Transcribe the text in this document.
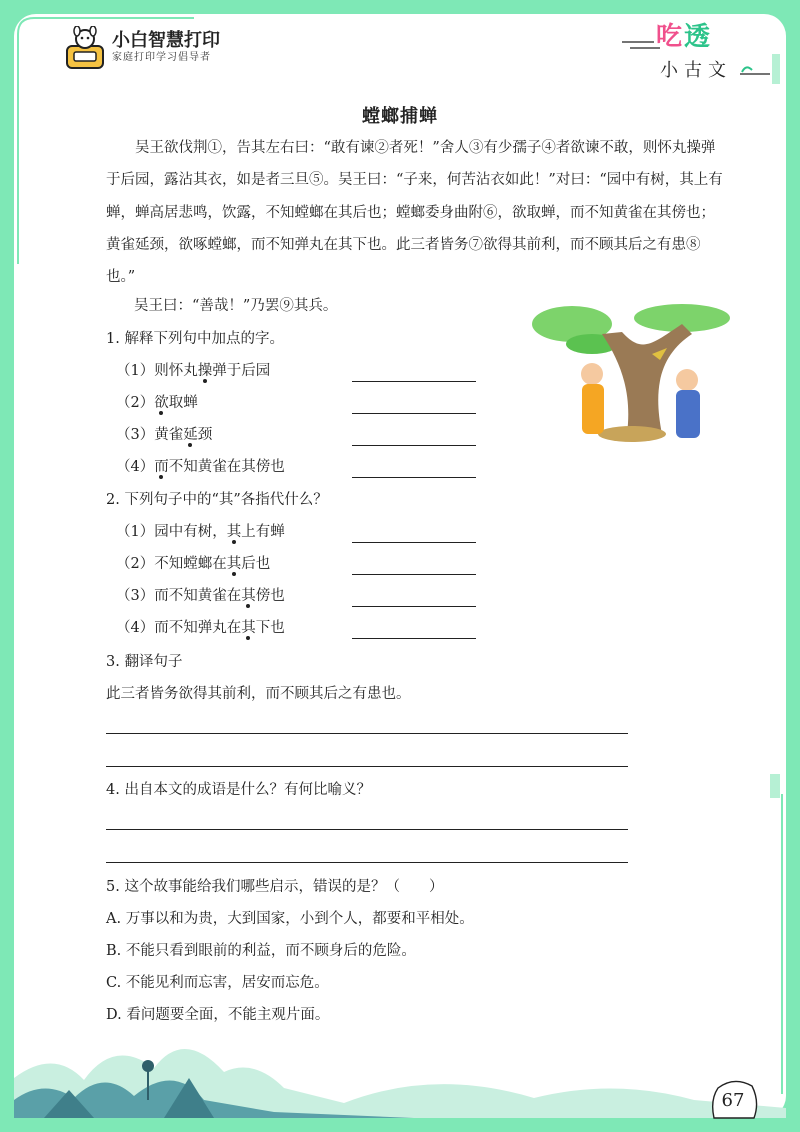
小白智慧打印
家庭打印学习倡导者
吃透
小古文
螳螂捕蝉

吴王欲伐荆①，告其左右曰：“敢有谏②者死！”舍人③有少孺子④者欲谏不敢，则怀丸操弹于后园，露沾其衣，如是者三旦⑤。吴王曰：“子来，何苦沾衣如此！”对曰：“园中有树，其上有蝉，蝉高居悲鸣，饮露，不知螳螂在其后也；螳螂委身曲附⑥，欲取蝉，而不知黄雀在其傍也；黄雀延颈，欲啄螳螂，而不知弹丸在其下也。此三者皆务⑦欲得其前利，而不顾其后之有患⑧也。”

吴王曰：“善哉！”乃罢⑨其兵。
1. 解释下列句中加点的字。
（1）则怀丸操弹于后园
（2）欲取蝉
（3）黄雀延颈
（4）而不知黄雀在其傍也
2. 下列句子中的“其”各指代什么？
（1）园中有树，其上有蝉
（2）不知螳螂在其后也
（3）而不知黄雀在其傍也
（4）而不知弹丸在其下也
3. 翻译句子
此三者皆务欲得其前利，而不顾其后之有患也。
4. 出自本文的成语是什么？有何比喻义？
5. 这个故事能给我们哪些启示，错误的是？（　　）
A. 万事以和为贵，大到国家，小到个人，都要和平相处。
B. 不能只看到眼前的利益，而不顾身后的危险。
C. 不能见利而忘害，居安而忘危。
D. 看问题要全面，不能主观片面。
67
